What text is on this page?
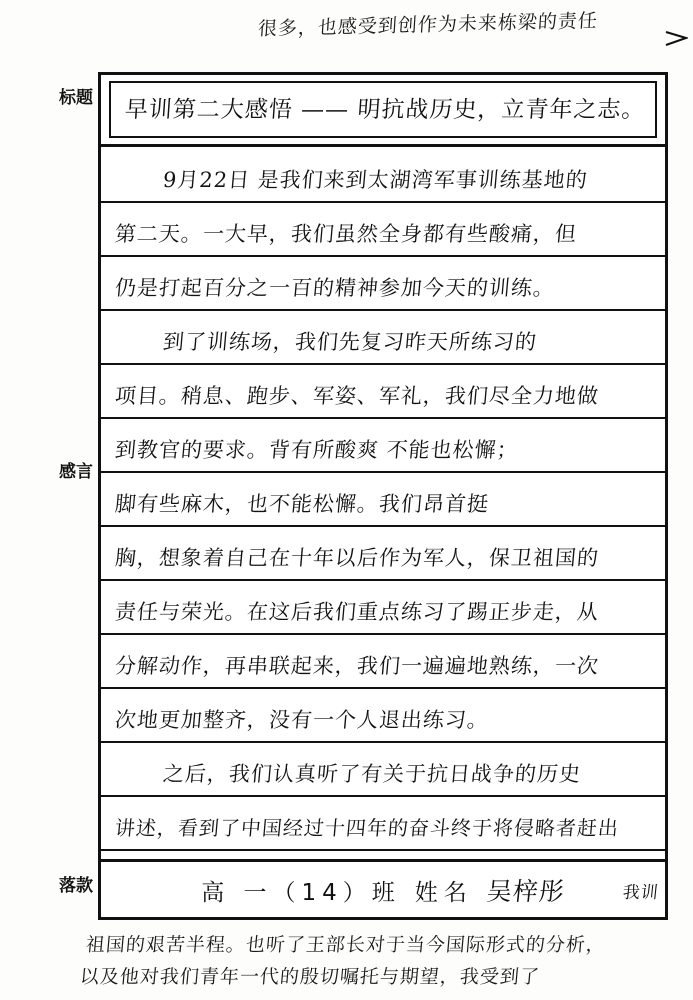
很多，也感受到创作为未来栋梁的责任
标题
感言
落款
早训第二大感悟 —— 明抗战历史，立青年之志。
9月22日 是我们来到太湖湾军事训练基地的
第二天。一大早，我们虽然全身都有些酸痛，但
仍是打起百分之一百的精神参加今天的训练。
到了训练场，我们先复习昨天所练习的
项目。稍息、跑步、军姿、军礼，我们尽全力地做
到教官的要求。背有所酸爽 不能也松懈；
脚有些麻木，也不能松懈。我们昂首挺
胸，想象着自己在十年以后作为军人，保卫祖国的
责任与荣光。在这后我们重点练习了踢正步走，从
分解动作，再串联起来，我们一遍遍地熟练，一次
次地更加整齐，没有一个人退出练习。
之后，我们认真听了有关于抗日战争的历史
讲述，看到了中国经过十四年的奋斗终于将侵略者赶出
高 一（14）班 姓名 吴梓彤	我训
祖国的艰苦半程。也听了王部长对于当今国际形式的分析，
以及他对我们青年一代的殷切嘱托与期望，我受到了
